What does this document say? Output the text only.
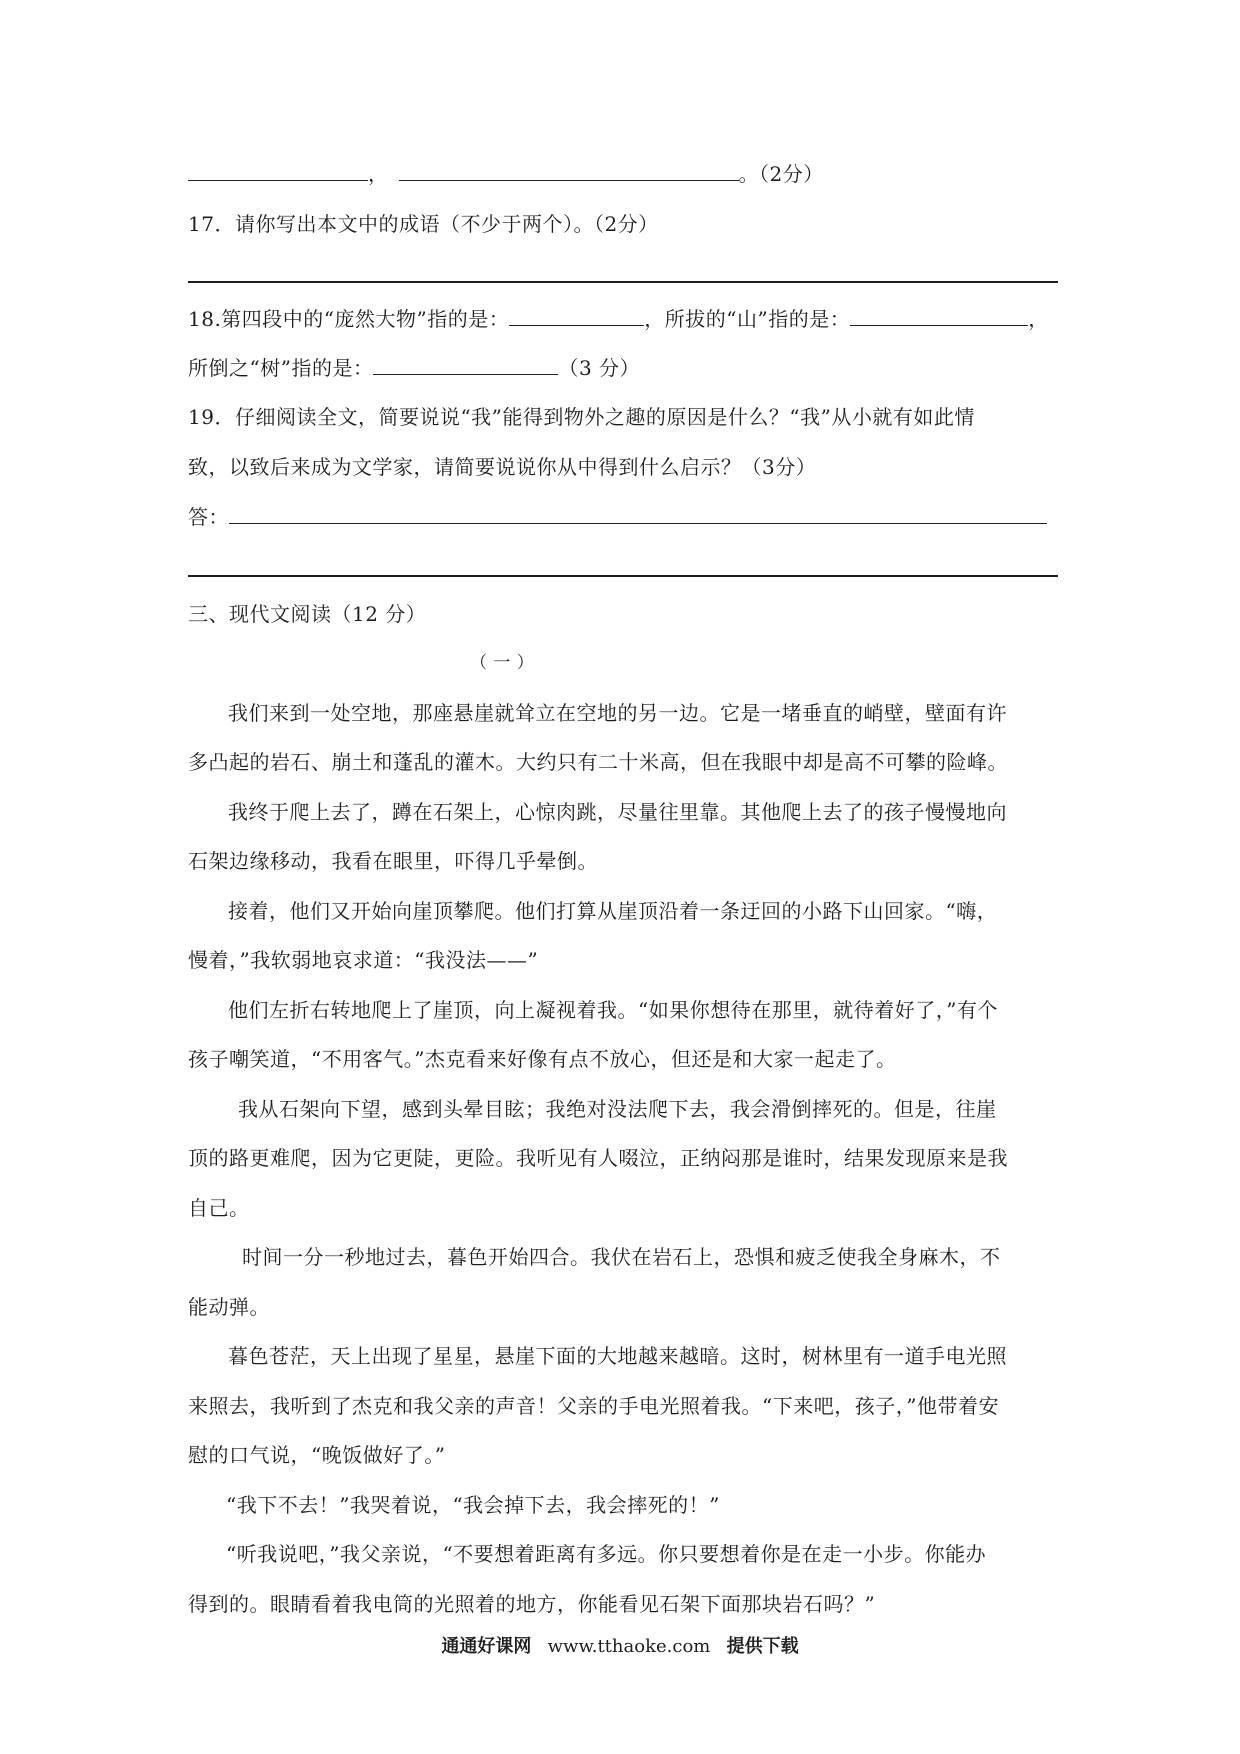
，	。（2分）
17．请你写出本文中的成语（不少于两个）。（2分）
18.第四段中的“庞然大物”指的是：	，所拔的“山”指的是：	，
所倒之“树”指的是：	（3 分）
19．仔细阅读全文，简要说说“我”能得到物外之趣的原因是什么？“我”从小就有如此情
致，以致后来成为文学家，请简要说说你从中得到什么启示？（3分）
答：
三、现代文阅读（12 分）
（ 一 ）
我们来到一处空地，那座悬崖就耸立在空地的另一边。它是一堵垂直的峭壁，壁面有许
多凸起的岩石、崩土和蓬乱的灌木。大约只有二十米高，但在我眼中却是高不可攀的险峰。
我终于爬上去了，蹲在石架上，心惊肉跳，尽量往里靠。其他爬上去了的孩子慢慢地向
石架边缘移动，我看在眼里，吓得几乎晕倒。
接着，他们又开始向崖顶攀爬。他们打算从崖顶沿着一条迂回的小路下山回家。“嗨，
慢着，”我软弱地哀求道：“我没法——”
他们左折右转地爬上了崖顶，向上凝视着我。“如果你想待在那里，就待着好了，”有个
孩子嘲笑道，“不用客气。”杰克看来好像有点不放心，但还是和大家一起走了。
我从石架向下望，感到头晕目眩；我绝对没法爬下去，我会滑倒摔死的。但是，往崖
顶的路更难爬，因为它更陡，更险。我听见有人啜泣，正纳闷那是谁时，结果发现原来是我
自己。
时间一分一秒地过去，暮色开始四合。我伏在岩石上，恐惧和疲乏使我全身麻木，不
能动弹。
暮色苍茫，天上出现了星星，悬崖下面的大地越来越暗。这时，树林里有一道手电光照
来照去，我听到了杰克和我父亲的声音！父亲的手电光照着我。“下来吧，孩子，”他带着安
慰的口气说，“晚饭做好了。”
“我下不去！”我哭着说，“我会掉下去，我会摔死的！”
“听我说吧，”我父亲说，“不要想着距离有多远。你只要想着你是在走一小步。你能办
得到的。眼睛看着我电筒的光照着的地方，你能看见石架下面那块岩石吗？”
通通好课网 www.tthaoke.com 提供下载
